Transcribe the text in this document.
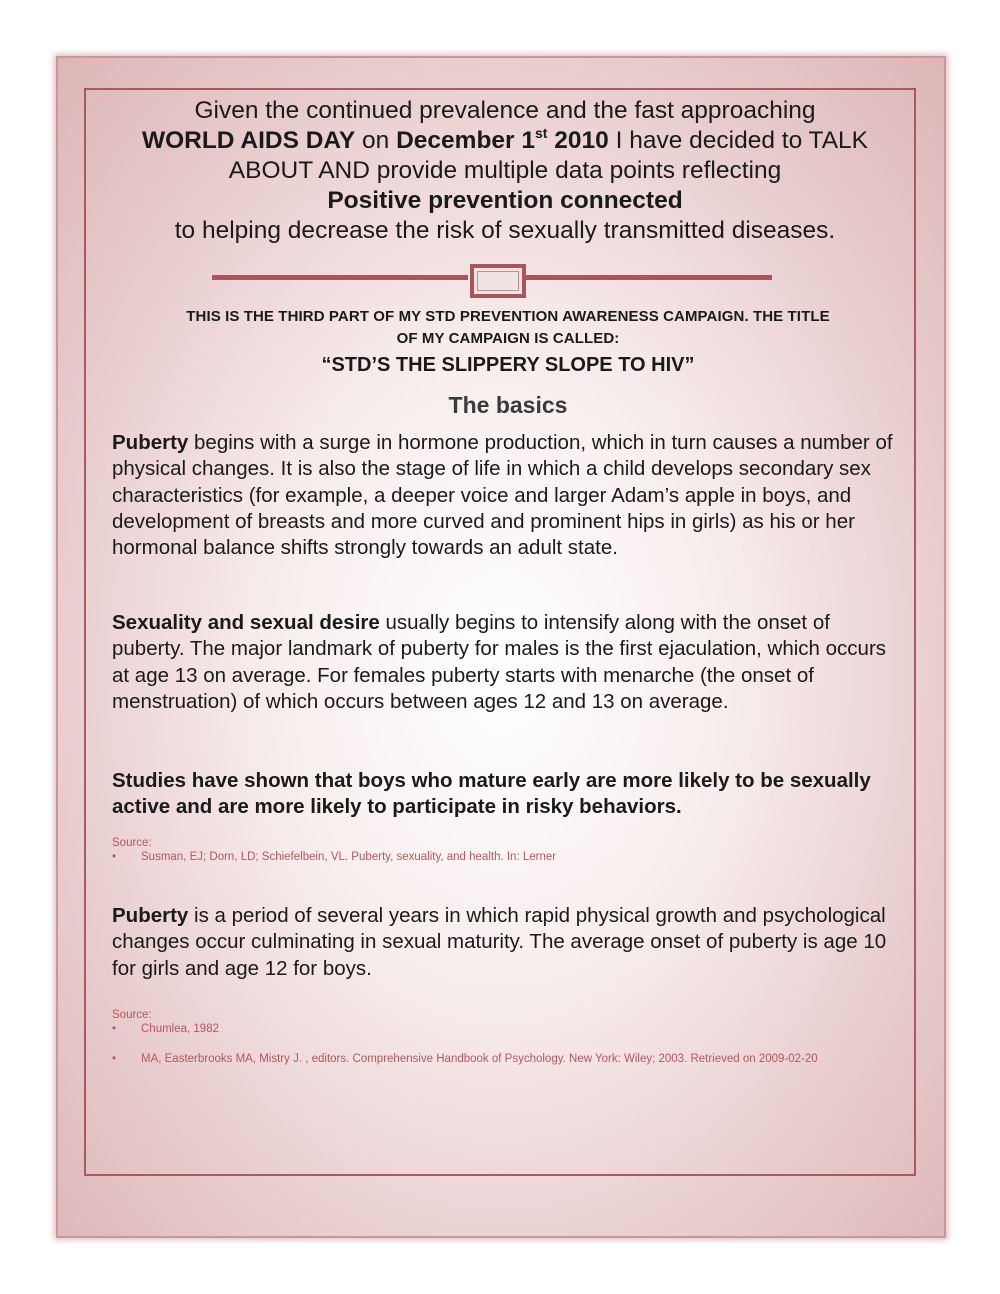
Given the continued prevalence and the fast approaching
WORLD AIDS DAY on December 1st 2010 I have decided to TALK
ABOUT AND provide multiple data points reflecting
Positive prevention connected
to helping decrease the risk of sexually transmitted diseases.
THIS IS THE THIRD PART OF MY STD PREVENTION AWARENESS CAMPAIGN. THE TITLE
OF MY CAMPAIGN IS CALLED:
“STD’S THE SLIPPERY SLOPE TO HIV”
The basics
Puberty begins with a surge in hormone production, which in turn causes a number of physical changes. It is also the stage of life in which a child develops secondary sex characteristics (for example, a deeper voice and larger Adam’s apple in boys, and development of breasts and more curved and prominent hips in girls) as his or her hormonal balance shifts strongly towards an adult state.
Sexuality and sexual desire usually begins to intensify along with the onset of puberty. The major landmark of puberty for males is the first ejaculation, which occurs at age 13 on average. For females puberty starts with menarche (the onset of menstruation) of which occurs between ages 12 and 13 on average.
Studies have shown that boys who mature early are more likely to be sexually active and are more likely to participate in risky behaviors.
Source:
• Susman, EJ; Dorn, LD; Schiefelbein, VL. Puberty, sexuality, and health. In: Lerner
Puberty is a period of several years in which rapid physical growth and psychological changes occur culminating in sexual maturity. The average onset of puberty is age 10 for girls and age 12 for boys.
Source:
• Chumlea, 1982
• MA, Easterbrooks MA, Mistry J. , editors. Comprehensive Handbook of Psychology. New York: Wiley; 2003. Retrieved on 2009-02-20
